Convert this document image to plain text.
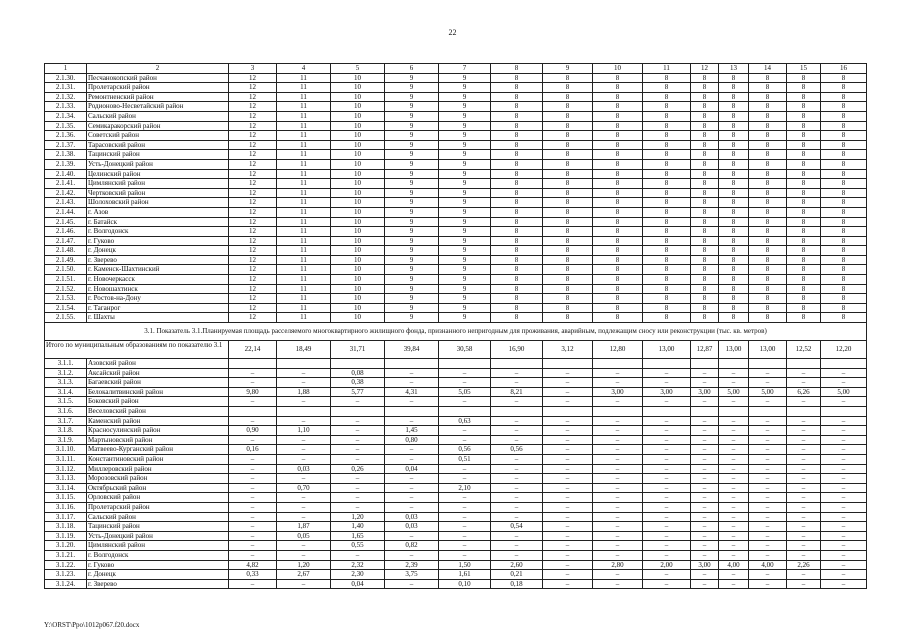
22
1	2	3	4	5	6	7	8	9	10	11	12	13	14	15	16
2.1.30.	Песчанокопский район	12	11	10	9	9	8	8	8	8	8	8	8	8	8
2.1.31.	Пролетарский район	12	11	10	9	9	8	8	8	8	8	8	8	8	8
2.1.32.	Ремонтненский район	12	11	10	9	9	8	8	8	8	8	8	8	8	8
2.1.33.	Родионово-Несветайский район	12	11	10	9	9	8	8	8	8	8	8	8	8	8
2.1.34.	Сальский район	12	11	10	9	9	8	8	8	8	8	8	8	8	8
2.1.35.	Семикаракорский район	12	11	10	9	9	8	8	8	8	8	8	8	8	8
2.1.36.	Советский район	12	11	10	9	9	8	8	8	8	8	8	8	8	8
2.1.37.	Тарасовский район	12	11	10	9	9	8	8	8	8	8	8	8	8	8
2.1.38.	Тацинский район	12	11	10	9	9	8	8	8	8	8	8	8	8	8
2.1.39.	Усть-Донецкий район	12	11	10	9	9	8	8	8	8	8	8	8	8	8
2.1.40.	Целинский район	12	11	10	9	9	8	8	8	8	8	8	8	8	8
2.1.41.	Цимлянский район	12	11	10	9	9	8	8	8	8	8	8	8	8	8
2.1.42.	Чертковский район	12	11	10	9	9	8	8	8	8	8	8	8	8	8
2.1.43.	Шолоховский район	12	11	10	9	9	8	8	8	8	8	8	8	8	8
2.1.44.	г. Азов	12	11	10	9	9	8	8	8	8	8	8	8	8	8
2.1.45.	г. Батайск	12	11	10	9	9	8	8	8	8	8	8	8	8	8
2.1.46.	г. Волгодонск	12	11	10	9	9	8	8	8	8	8	8	8	8	8
2.1.47.	г. Гуково	12	11	10	9	9	8	8	8	8	8	8	8	8	8
2.1.48.	г. Донецк	12	11	10	9	9	8	8	8	8	8	8	8	8	8
2.1.49.	г. Зверево	12	11	10	9	9	8	8	8	8	8	8	8	8	8
2.1.50.	г. Каменск-Шахтинский	12	11	10	9	9	8	8	8	8	8	8	8	8	8
2.1.51.	г. Новочеркасск	12	11	10	9	9	8	8	8	8	8	8	8	8	8
2.1.52.	г. Новошахтинск	12	11	10	9	9	8	8	8	8	8	8	8	8	8
2.1.53.	г. Ростов-на-Дону	12	11	10	9	9	8	8	8	8	8	8	8	8	8
2.1.54.	г. Таганрог	12	11	10	9	9	8	8	8	8	8	8	8	8	8
2.1.55.	г. Шахты	12	11	10	9	9	8	8	8	8	8	8	8	8	8
3.1. Показатель 3.1.Планируемая площадь расселяемого многоквартирного жилищного фонда, признанного непригодным для проживания, аварийным, подлежащим сносу или реконструкции (тыс. кв. метров)															
Итого по муниципальным образованиям по показателю 3.1		22,14	18,49	31,71	39,84	30,58	16,90	3,12	12,80	13,00	12,87	13,00	13,00	12,52	12,20
3.1.1.	Азовский район														
3.1.2.	Аксайский район	–	–	0,08	–	–	–	–	–	–	–	–	–	–	–
3.1.3.	Багаевский район	–	–	0,38	–	–	–	–	–	–	–	–	–	–	–
3.1.4.	Белокалитвинский район	9,80	1,88	5,77	4,31	5,05	8,21	–	3,00	3,00	3,00	5,00	5,00	6,26	5,00
3.1.5.	Боковский район	–	–	–	–	–	–	–	–	–	–	–	–	–	–
3.1.6.	Веселовский район														
3.1.7.	Каменский район	–	–	–	–	0,63	–	–	–	–	–	–	–	–	–
3.1.8.	Красносулинский район	0,90	1,10	–	1,45	–	–	–	–	–	–	–	–	–	–
3.1.9.	Мартыновский район	–	–	–	0,80	–	–	–	–	–	–	–	–	–	–
3.1.10.	Матвеево-Курганский район	0,16	–	–	–	0,56	0,56	–	–	–	–	–	–	–	–
3.1.11.	Константиновский район	–	–	–	–	0,51	–	–	–	–	–	–	–	–	–
3.1.12.	Миллеровский район	–	0,03	0,26	0,04	–	–	–	–	–	–	–	–	–	–
3.1.13.	Морозовский район	–	–	–	–	–	–	–	–	–	–	–	–	–	–
3.1.14.	Октябрьский район	–	0,70	–	–	2,10	–	–	–	–	–	–	–	–	–
3.1.15.	Орловский район	–	–	–	–	–	–	–	–	–	–	–	–	–	–
3.1.16.	Пролетарский район	–	–	–	–	–	–	–	–	–	–	–	–	–	–
3.1.17.	Сальский район	–	–	1,20	0,03	–	–	–	–	–	–	–	–	–	–
3.1.18.	Тацинский район	–	1,87	1,40	0,03	–	0,54	–	–	–	–	–	–	–	–
3.1.19.	Усть-Донецкий район	–	0,05	1,65	–	–	–	–	–	–	–	–	–	–	–
3.1.20.	Цимлянский район	–	–	0,55	0,82	–	–	–	–	–	–	–	–	–	–
3.1.21.	г. Волгодонск	–	–	–	–	–	–	–	–	–	–	–	–	–	–
3.1.22.	г. Гуково	4,82	1,20	2,32	2,39	1,50	2,60	–	2,80	2,00	3,00	4,00	4,00	2,26	–
3.1.23.	г. Донецк	0,33	2,67	2,30	3,75	1,61	0,21	–	–	–	–	–	–	–	–
3.1.24.	г. Зверево	–	–	0,04	–	0,10	0,18	–	–	–	–	–	–	–	–
Y:\ORST\Ppo\1012p067.f20.docx
